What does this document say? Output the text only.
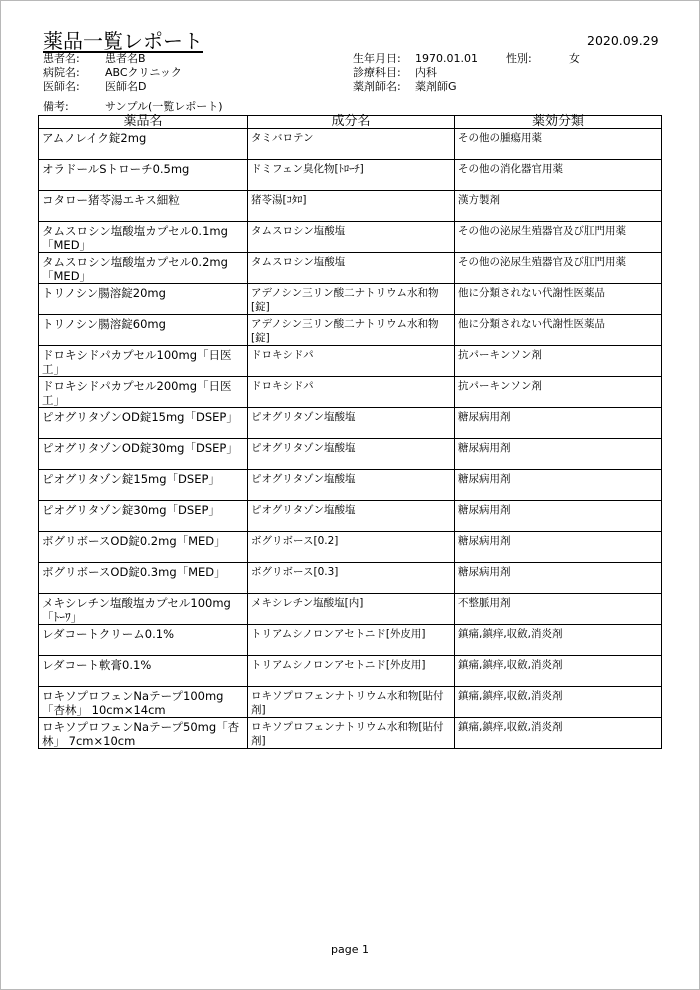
薬品一覧レポート	2020.09.29
患者名: 患者名B
病院名: ABCクリニック
医師名: 医師名D
生年月日: 1970.01.01	性別:	女
診療科目: 内科
薬剤師名: 薬剤師G
備考:	サンプル(一覧レポート)
薬品名	成分名	薬効分類
アムノレイク錠2mg	タミバロテン	その他の腫瘍用薬
オラドールSトローチ0.5mg	ドミフェン臭化物[ﾄﾛｰﾁ]	その他の消化器官用薬
コタロー猪苓湯エキス細粒	猪苓湯[ｺﾀﾛ]	漢方製剤
タムスロシン塩酸塩カプセル0.1mg「MED」	タムスロシン塩酸塩	その他の泌尿生殖器官及び肛門用薬
タムスロシン塩酸塩カプセル0.2mg「MED」	タムスロシン塩酸塩	その他の泌尿生殖器官及び肛門用薬
トリノシン腸溶錠20mg	アデノシン三リン酸二ナトリウム水和物[錠]	他に分類されない代謝性医薬品
トリノシン腸溶錠60mg	アデノシン三リン酸二ナトリウム水和物[錠]	他に分類されない代謝性医薬品
ドロキシドパカプセル100mg「日医工」	ドロキシドパ	抗パーキンソン剤
ドロキシドパカプセル200mg「日医工」	ドロキシドパ	抗パーキンソン剤
ピオグリタゾンOD錠15mg「DSEP」	ピオグリタゾン塩酸塩	糖尿病用剤
ピオグリタゾンOD錠30mg「DSEP」	ピオグリタゾン塩酸塩	糖尿病用剤
ピオグリタゾン錠15mg「DSEP」	ピオグリタゾン塩酸塩	糖尿病用剤
ピオグリタゾン錠30mg「DSEP」	ピオグリタゾン塩酸塩	糖尿病用剤
ボグリボースOD錠0.2mg「MED」	ボグリボース[0.2]	糖尿病用剤
ボグリボースOD錠0.3mg「MED」	ボグリボース[0.3]	糖尿病用剤
メキシレチン塩酸塩カプセル100mg「ﾄｰﾜ」	メキシレチン塩酸塩[内]	不整脈用剤
レダコートクリーム0.1%	トリアムシノロンアセトニド[外皮用]	鎮痛,鎮痒,収斂,消炎剤
レダコート軟膏0.1%	トリアムシノロンアセトニド[外皮用]	鎮痛,鎮痒,収斂,消炎剤
ロキソプロフェンNaテープ100mg「杏林」 10cm×14cm	ロキソプロフェンナトリウム水和物[貼付剤]	鎮痛,鎮痒,収斂,消炎剤
ロキソプロフェンNaテープ50mg「杏林」 7cm×10cm	ロキソプロフェンナトリウム水和物[貼付剤]	鎮痛,鎮痒,収斂,消炎剤
page 1
